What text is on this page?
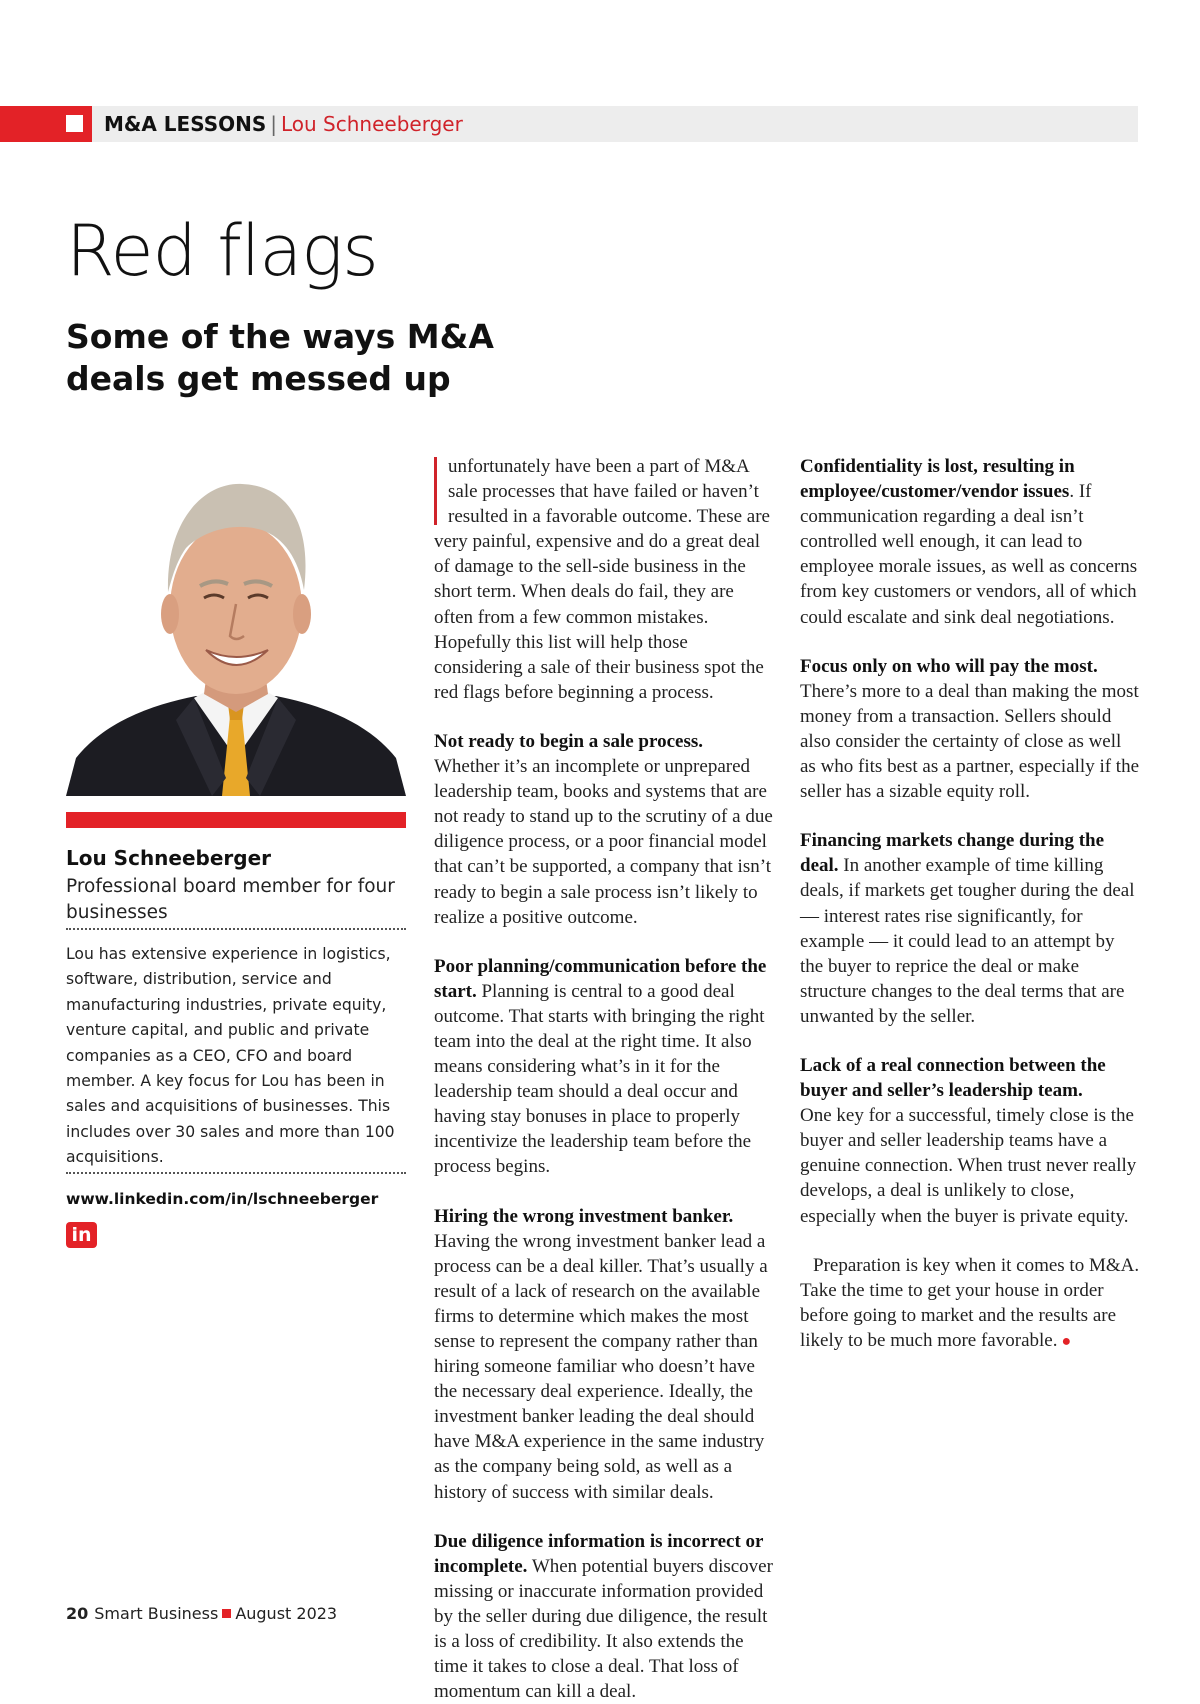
M&A LESSONS | Lou Schneeberger
Red flags
Some of the ways M&A deals get messed up
Lou Schneeberger
Professional board member for four businesses
Lou has extensive experience in logistics, software, distribution, service and manufacturing industries, private equity, venture capital, and public and private companies as a CEO, CFO and board member. A key focus for Lou has been in sales and acquisitions of businesses. This includes over 30 sales and more than 100 acquisitions.
www.linkedin.com/in/lschneeberger
in

unfortunately have been a part of M&A sale processes that have failed or haven’t resulted in a favorable outcome. These are very painful, expensive and do a great deal of damage to the sell-side business in the short term. When deals do fail, they are often from a few common mistakes. Hopefully this list will help those considering a sale of their business spot the red flags before beginning a process.

Not ready to begin a sale process.
Whether it’s an incomplete or unprepared leadership team, books and systems that are not ready to stand up to the scrutiny of a due diligence process, or a poor financial model that can’t be supported, a company that isn’t ready to begin a sale process isn’t likely to realize a positive outcome.

Poor planning/communication before the start. Planning is central to a good deal outcome. That starts with bringing the right team into the deal at the right time. It also means considering what’s in it for the leadership team should a deal occur and having stay bonuses in place to properly incentivize the leadership team before the process begins.

Hiring the wrong investment banker.
Having the wrong investment banker lead a process can be a deal killer. That’s usually a result of a lack of research on the available firms to determine which makes the most sense to represent the company rather than hiring someone familiar who doesn’t have the necessary deal experience. Ideally, the investment banker leading the deal should have M&A experience in the same industry as the company being sold, as well as a history of success with similar deals.

Due diligence information is incorrect or incomplete. When potential buyers discover missing or inaccurate information provided by the seller during due diligence, the result is a loss of credibility. It also extends the time it takes to close a deal. That loss of momentum can kill a deal.

Confidentiality is lost, resulting in employee/customer/vendor issues. If communication regarding a deal isn’t controlled well enough, it can lead to employee morale issues, as well as concerns from key customers or vendors, all of which could escalate and sink deal negotiations.

Focus only on who will pay the most.
There’s more to a deal than making the most money from a transaction. Sellers should also consider the certainty of close as well as who fits best as a partner, especially if the seller has a sizable equity roll.

Financing markets change during the deal. In another example of time killing deals, if markets get tougher during the deal — interest rates rise significantly, for example — it could lead to an attempt by the buyer to reprice the deal or make structure changes to the deal terms that are unwanted by the seller.

Lack of a real connection between the buyer and seller’s leadership team.
One key for a successful, timely close is the buyer and seller leadership teams have a genuine connection. When trust never really develops, a deal is unlikely to close, especially when the buyer is private equity.

Preparation is key when it comes to M&A. Take the time to get your house in order before going to market and the results are likely to be much more favorable. ●

20 Smart Business August 2023
